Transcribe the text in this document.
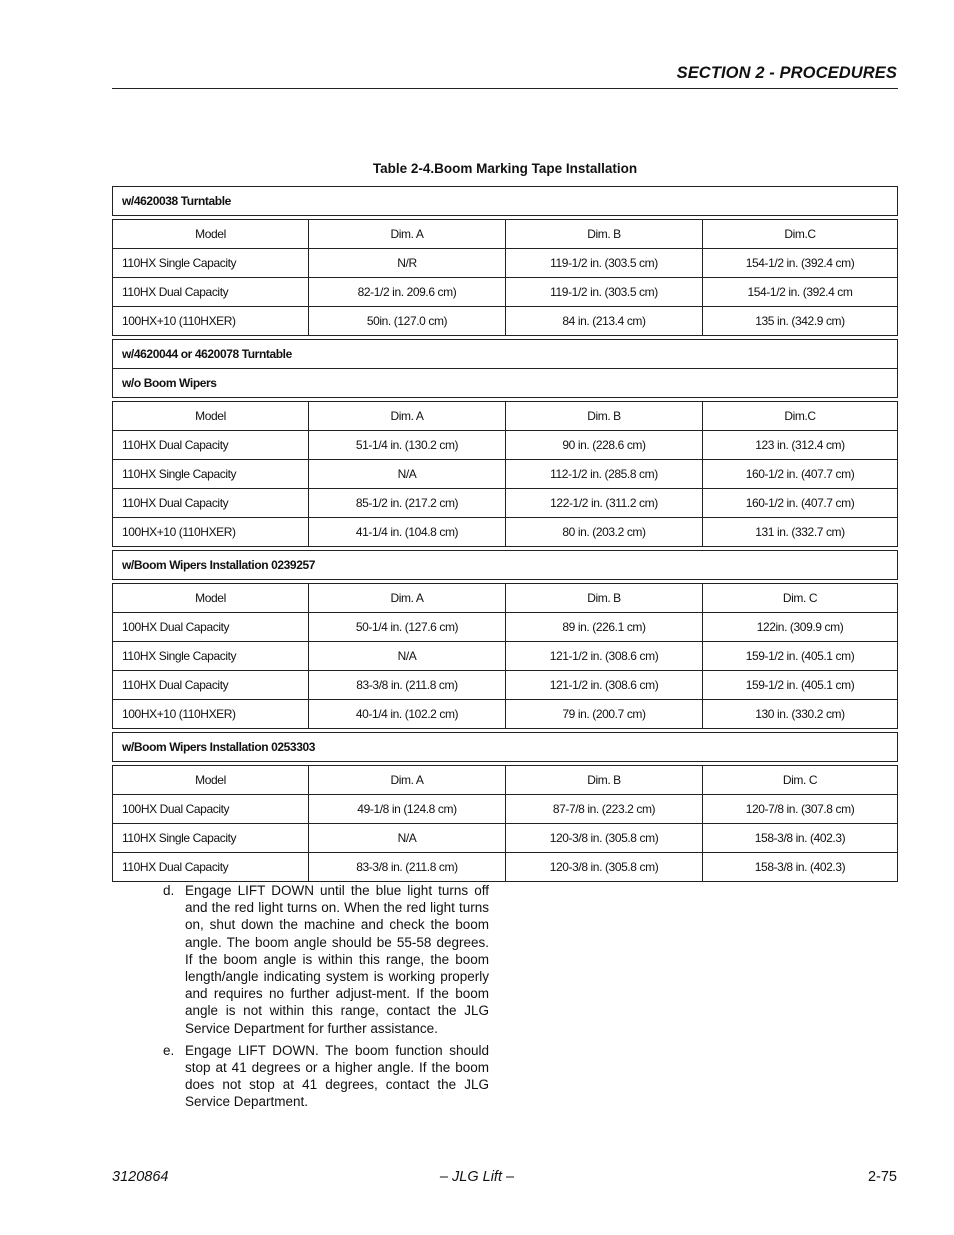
SECTION 2 - PROCEDURES
Table 2-4.Boom Marking Tape Installation
w/4620038 Turntable
Model	Dim. A	Dim. B	Dim.C
110HX Single Capacity	N/R	119-1/2 in. (303.5 cm)	154-1/2 in. (392.4 cm)
110HX Dual Capacity	82-1/2 in. 209.6 cm)	119-1/2 in. (303.5 cm)	154-1/2 in. (392.4 cm
100HX+10 (110HXER)	50in. (127.0 cm)	84 in. (213.4 cm)	135 in. (342.9 cm)
w/4620044 or 4620078 Turntable
w/o Boom Wipers
Model	Dim. A	Dim. B	Dim.C
110HX Dual Capacity	51-1/4 in. (130.2 cm)	90 in. (228.6 cm)	123 in. (312.4 cm)
110HX Single Capacity	N/A	112-1/2 in. (285.8 cm)	160-1/2 in. (407.7 cm)
110HX Dual Capacity	85-1/2 in. (217.2 cm)	122-1/2 in. (311.2 cm)	160-1/2 in. (407.7 cm)
100HX+10 (110HXER)	41-1/4 in. (104.8 cm)	80 in. (203.2 cm)	131 in. (332.7 cm)
w/Boom Wipers Installation 0239257
Model	Dim. A	Dim. B	Dim. C
100HX Dual Capacity	50-1/4 in. (127.6 cm)	89 in. (226.1 cm)	122in. (309.9 cm)
110HX Single Capacity	N/A	121-1/2 in. (308.6 cm)	159-1/2 in. (405.1 cm)
110HX Dual Capacity	83-3/8 in. (211.8 cm)	121-1/2 in. (308.6 cm)	159-1/2 in. (405.1 cm)
100HX+10 (110HXER)	40-1/4 in. (102.2 cm)	79 in. (200.7 cm)	130 in. (330.2 cm)
w/Boom Wipers Installation 0253303
Model	Dim. A	Dim. B	Dim. C
100HX Dual Capacity	49-1/8 in (124.8 cm)	87-7/8 in. (223.2 cm)	120-7/8 in. (307.8 cm)
110HX Single Capacity	N/A	120-3/8 in. (305.8 cm)	158-3/8 in. (402.3)
110HX Dual Capacity	83-3/8 in. (211.8 cm)	120-3/8 in. (305.8 cm)	158-3/8 in. (402.3)
d. Engage LIFT DOWN until the blue light turns off and the red light turns on. When the red light turns on, shut down the machine and check the boom angle. The boom angle should be 55-58 degrees. If the boom angle is within this range, the boom length/angle indicating system is working properly and requires no further adjust-ment. If the boom angle is not within this range, contact the JLG Service Department for further assistance.
e. Engage LIFT DOWN. The boom function should stop at 41 degrees or a higher angle. If the boom does not stop at 41 degrees, contact the JLG Service Department.
3120864	– JLG Lift –	2-75
